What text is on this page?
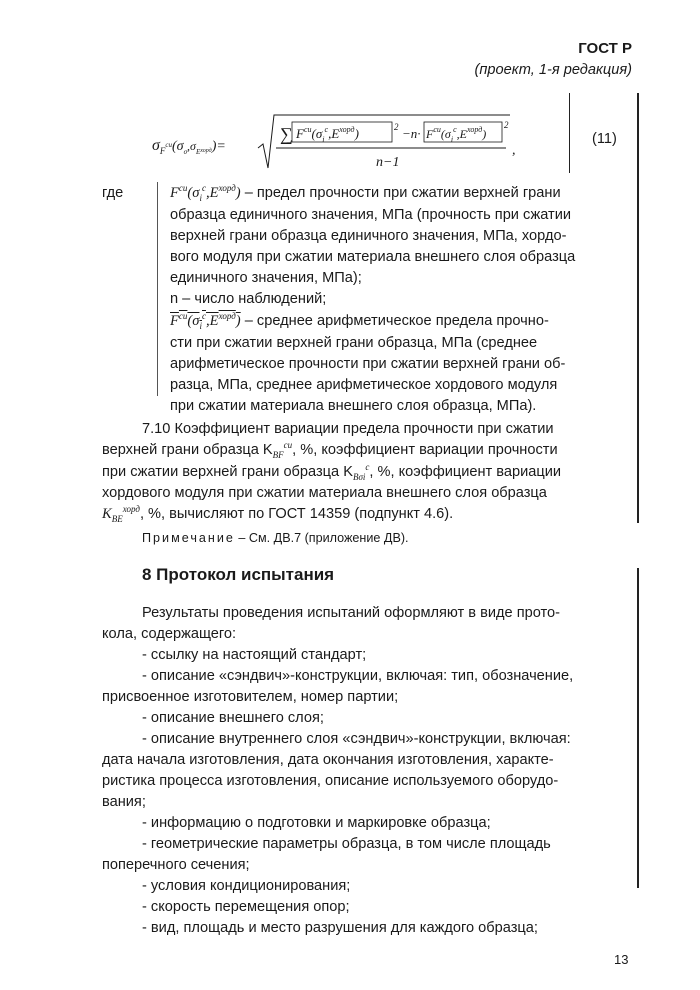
ГОСТ Р
(проект, 1-я редакция)
$\sigma_F^{cu}(\sigma_\sigma^{,\sigma}_Eхорд)=$
∑ $F^{cu}(\sigma_i^c,E^{хорд})$	$2 -n\cdot F^{cu}(\sigma_i^c,E^{хорд})$
2
n−1
,
(11)
где	$F^{cu}(\sigma_i^c,E^{хорд})$ – предел прочности при сжатии верхней грани
образца единичного значения, МПа (прочность при сжатии
верхней грани образца единичного значения, МПа, хордо-
вого модуля при сжатии материала внешнего слоя образца
единичного значения, МПа);
n – число наблюдений;
$F^{cu}(\sigma_i^c,E^{хорд})$ – среднее арифметическое предела прочно-
сти при сжатии верхней грани образца, МПа (среднее
арифметическое прочности при сжатии верхней грани об-
разца, МПа, среднее арифметическое хордового модуля
при сжатии материала внешнего слоя образца, МПа).
7.10 Коэффициент вариации предела прочности при сжатии
верхней грани образца $K_{BF}^{cu}$, %, коэффициент вариации прочности
при сжатии верхней грани образца $K_{B\sigma i}^c$, %, коэффициент вариации
хордового модуля при сжатии материала внешнего слоя образца
$K_{BE}^{хорд}$, %, вычисляют по ГОСТ 14359 (подпункт 4.6).
Примечание – См. ДВ.7 (приложение ДВ).
8 Протокол испытания
Результаты проведения испытаний оформляют в виде прото-
кола, содержащего:
- ссылку на настоящий стандарт;
- описание «сэндвич»-конструкции, включая: тип, обозначение,
присвоенное изготовителем, номер партии;
- описание внешнего слоя;
- описание внутреннего слоя «сэндвич»-конструкции, включая:
дата начала изготовления, дата окончания изготовления, характе-
ристика процесса изготовления, описание используемого оборудо-
вания;
- информацию о подготовки и маркировке образца;
- геометрические параметры образца, в том числе площадь
поперечного сечения;
- условия кондиционирования;
- скорость перемещения опор;
- вид, площадь и место разрушения для каждого образца;
13
